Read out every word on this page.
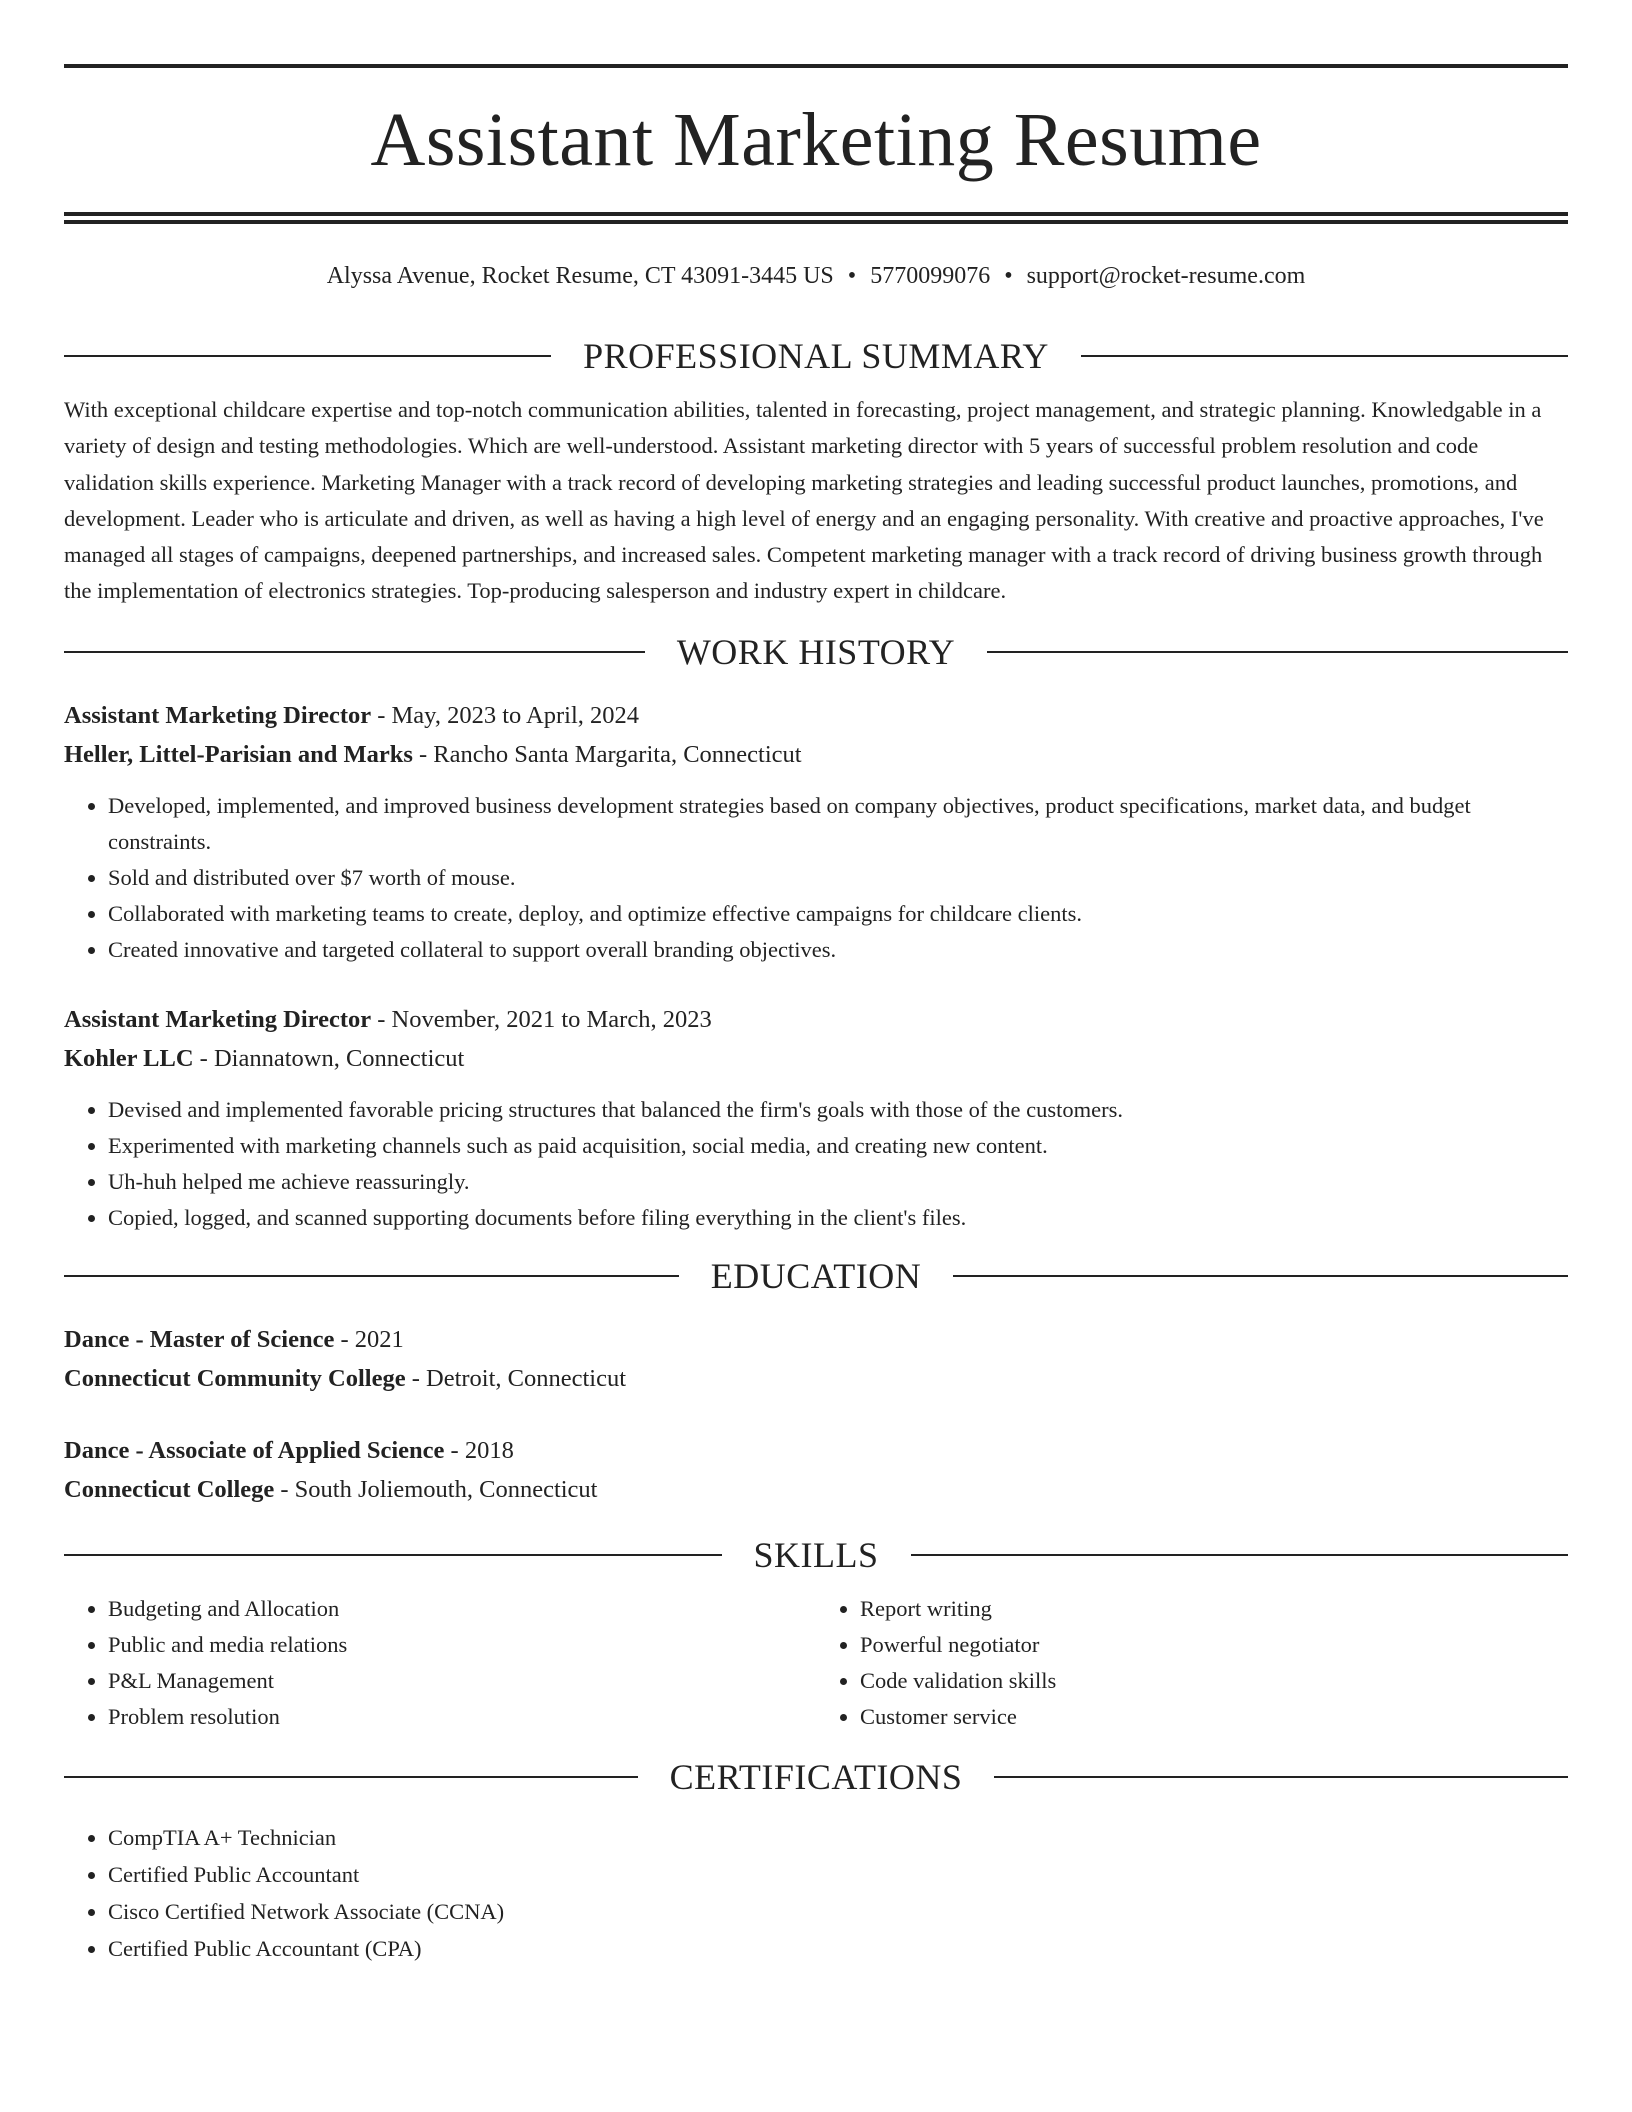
Assistant Marketing Resume
Alyssa Avenue, Rocket Resume, CT 43091-3445 US • 5770099076 • support@rocket-resume.com
PROFESSIONAL SUMMARY
With exceptional childcare expertise and top-notch communication abilities, talented in forecasting, project management, and strategic planning. Knowledgable in a variety of design and testing methodologies. Which are well-understood. Assistant marketing director with 5 years of successful problem resolution and code validation skills experience. Marketing Manager with a track record of developing marketing strategies and leading successful product launches, promotions, and development. Leader who is articulate and driven, as well as having a high level of energy and an engaging personality. With creative and proactive approaches, I've managed all stages of campaigns, deepened partnerships, and increased sales. Competent marketing manager with a track record of driving business growth through the implementation of electronics strategies. Top-producing salesperson and industry expert in childcare.
WORK HISTORY
Assistant Marketing Director - May, 2023 to April, 2024
Heller, Littel-Parisian and Marks - Rancho Santa Margarita, Connecticut
• Developed, implemented, and improved business development strategies based on company objectives, product specifications, market data, and budget constraints.
• Sold and distributed over $7 worth of mouse.
• Collaborated with marketing teams to create, deploy, and optimize effective campaigns for childcare clients.
• Created innovative and targeted collateral to support overall branding objectives.
Assistant Marketing Director - November, 2021 to March, 2023
Kohler LLC - Diannatown, Connecticut
• Devised and implemented favorable pricing structures that balanced the firm's goals with those of the customers.
• Experimented with marketing channels such as paid acquisition, social media, and creating new content.
• Uh-huh helped me achieve reassuringly.
• Copied, logged, and scanned supporting documents before filing everything in the client's files.
EDUCATION
Dance - Master of Science - 2021
Connecticut Community College - Detroit, Connecticut
Dance - Associate of Applied Science - 2018
Connecticut College - South Joliemouth, Connecticut
SKILLS
• Budgeting and Allocation
• Public and media relations
• P&L Management
• Problem resolution
• Report writing
• Powerful negotiator
• Code validation skills
• Customer service
CERTIFICATIONS
• CompTIA A+ Technician
• Certified Public Accountant
• Cisco Certified Network Associate (CCNA)
• Certified Public Accountant (CPA)
